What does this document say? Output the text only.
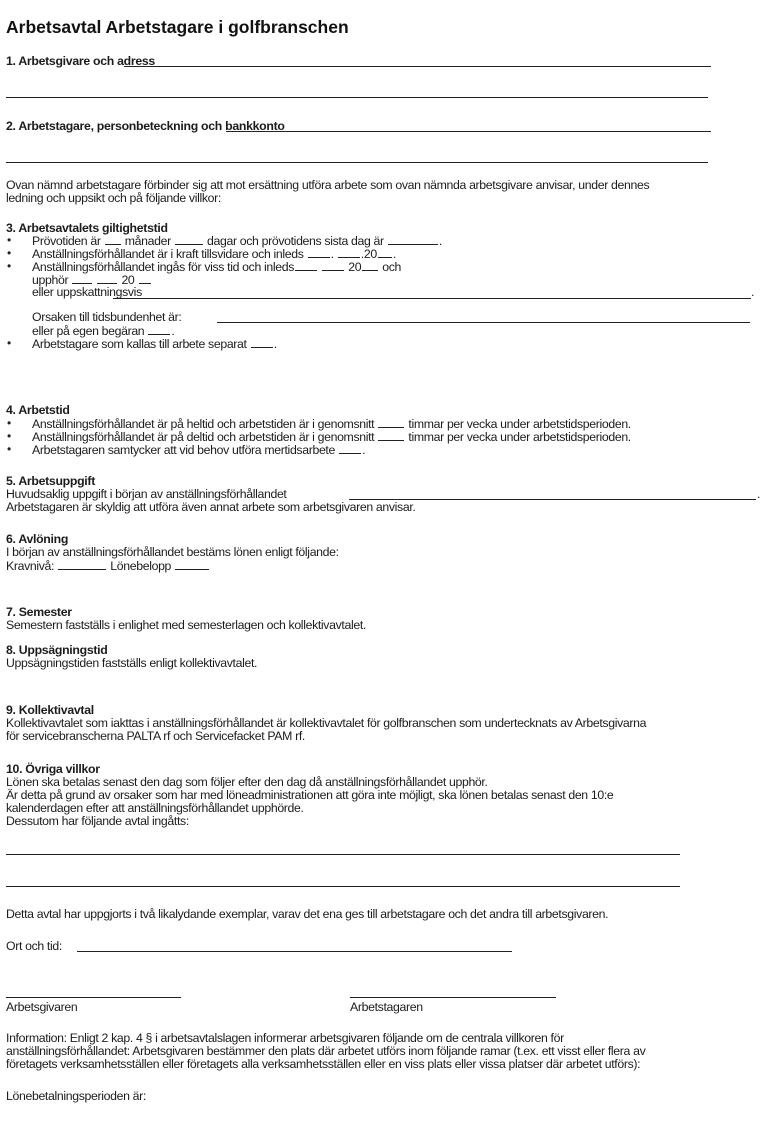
Arbetsavtal Arbetstagare i golfbranschen
1. Arbetsgivare och adress
2. Arbetstagare, personbeteckning och bankkonto
Ovan nämnd arbetstagare förbinder sig att mot ersättning utföra arbete som ovan nämnda arbetsgivare anvisar, under dennes
ledning och uppsikt och på följande villkor:
3. Arbetsavtalets giltighetstid
• Prövotiden är månader	dagar och prövotidens sista dag är	.
• Anställningsförhållandet är i kraft tillsvidare och inleds . .20 .
• Anställningsförhållandet ingås för viss tid och inleds	20 och
upphör	20
eller uppskattningsvis	.
Orsaken till tidsbundenhet är:
eller på egen begäran .
• Arbetstagare som kallas till arbete separat .
4. Arbetstid
• Anställningsförhållandet är på heltid och arbetstiden är i genomsnitt	timmar per vecka under arbetstidsperioden.
• Anställningsförhållandet är på deltid och arbetstiden är i genomsnitt	timmar per vecka under arbetstidsperioden.
• Arbetstagaren samtycker att vid behov utföra mertidsarbete .
5. Arbetsuppgift
Huvudsaklig uppgift i början av anställningsförhållandet	.
Arbetstagaren är skyldig att utföra även annat arbete som arbetsgivaren anvisar.
6. Avlöning
I början av anställningsförhållandet bestäms lönen enligt följande:
Kravnivå:	Lönebelopp
7. Semester
Semestern fastställs i enlighet med semesterlagen och kollektivavtalet.
8. Uppsägningstid
Uppsägningstiden fastställs enligt kollektivavtalet.
9. Kollektivavtal
Kollektivavtalet som iakttas i anställningsförhållandet är kollektivavtalet för golfbranschen som undertecknats av Arbetsgivarna
för servicebranscherna PALTA rf och Servicefacket PAM rf.
10. Övriga villkor
Lönen ska betalas senast den dag som följer efter den dag då anställningsförhållandet upphör.
Är detta på grund av orsaker som har med löneadministrationen att göra inte möjligt, ska lönen betalas senast den 10:e
kalenderdagen efter att anställningsförhållandet upphörde.
Dessutom har följande avtal ingåtts:
Detta avtal har uppgjorts i två likalydande exemplar, varav det ena ges till arbetstagare och det andra till arbetsgivaren.
Ort och tid:
Arbetsgivaren	Arbetstagaren
Information: Enligt 2 kap. 4 § i arbetsavtalslagen informerar arbetsgivaren följande om de centrala villkoren för
anställningsförhållandet: Arbetsgivaren bestämmer den plats där arbetet utförs inom följande ramar (t.ex. ett visst eller flera av
företagets verksamhetsställen eller företagets alla verksamhetsställen eller en viss plats eller vissa platser där arbetet utförs):
Lönebetalningsperioden är:
